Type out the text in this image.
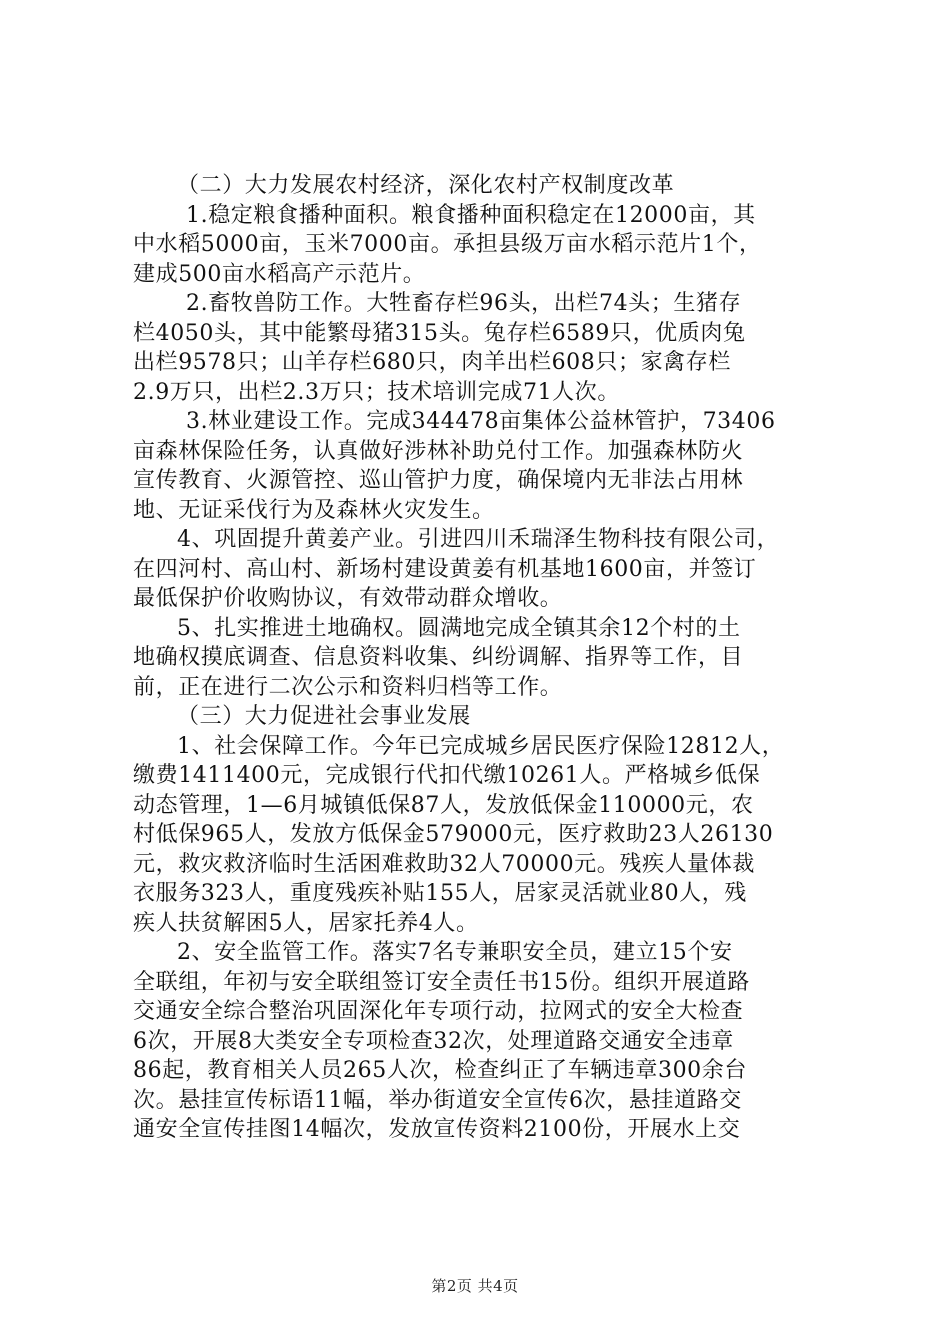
（二）大力发展农村经济，深化农村产权制度改革
1.稳定粮食播种面积。粮食播种面积稳定在12000亩，其
中水稻5000亩，玉米7000亩。承担县级万亩水稻示范片1个，
建成500亩水稻高产示范片。
2.畜牧兽防工作。大牲畜存栏96头，出栏74头；生猪存
栏4050头，其中能繁母猪315头。兔存栏6589只，优质肉兔
出栏9578只；山羊存栏680只，肉羊出栏608只；家禽存栏
2.9万只，出栏2.3万只；技术培训完成71人次。
3.林业建设工作。完成344478亩集体公益林管护，73406
亩森林保险任务，认真做好涉林补助兑付工作。加强森林防火
宣传教育、火源管控、巡山管护力度，确保境内无非法占用林
地、无证采伐行为及森林火灾发生。
4、巩固提升黄姜产业。引进四川禾瑞泽生物科技有限公司，
在四河村、高山村、新场村建设黄姜有机基地1600亩，并签订
最低保护价收购协议，有效带动群众增收。
5、扎实推进土地确权。圆满地完成全镇其余12个村的土
地确权摸底调查、信息资料收集、纠纷调解、指界等工作，目
前，正在进行二次公示和资料归档等工作。
（三）大力促进社会事业发展
1、社会保障工作。今年已完成城乡居民医疗保险12812人，
缴费1411400元，完成银行代扣代缴10261人。严格城乡低保
动态管理，1—6月城镇低保87人，发放低保金110000元，农
村低保965人，发放方低保金579000元，医疗救助23人26130
元，救灾救济临时生活困难救助32人70000元。残疾人量体裁
衣服务323人，重度残疾补贴155人，居家灵活就业80人，残
疾人扶贫解困5人，居家托养4人。
2、安全监管工作。落实7名专兼职安全员，建立15个安
全联组，年初与安全联组签订安全责任书15份。组织开展道路
交通安全综合整治巩固深化年专项行动，拉网式的安全大检查
6次，开展8大类安全专项检查32次，处理道路交通安全违章
86起，教育相关人员265人次，检查纠正了车辆违章300余台
次。悬挂宣传标语11幅，举办街道安全宣传6次，悬挂道路交
通安全宣传挂图14幅次，发放宣传资料2100份，开展水上交
第2页 共4页
